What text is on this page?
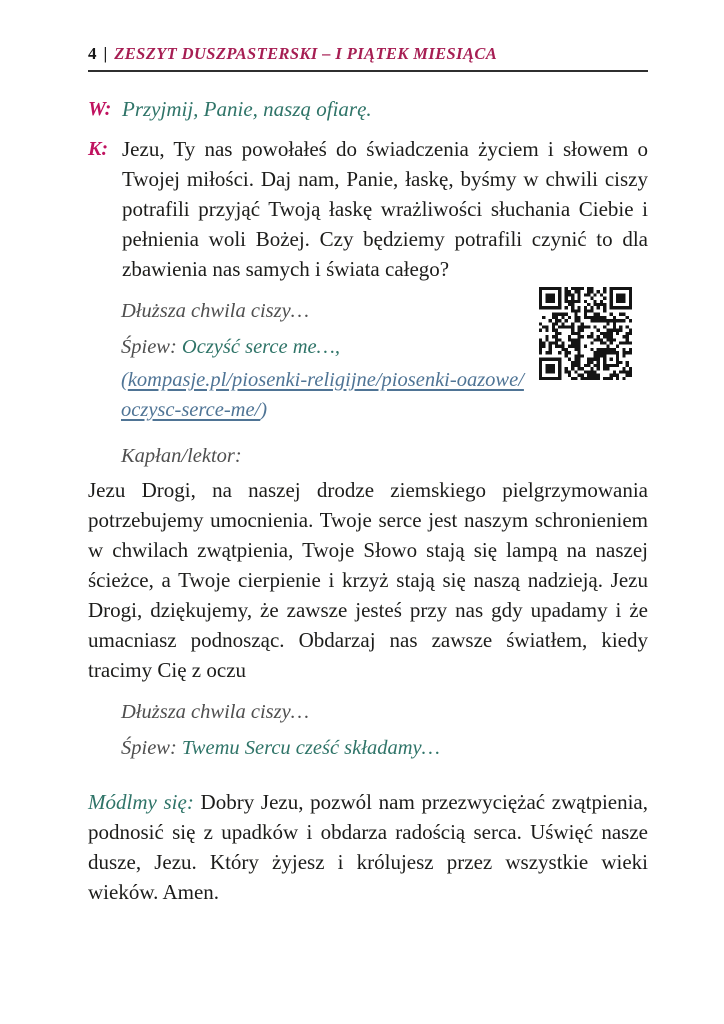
4 | ZESZYT DUSZPASTERSKI – I PIĄTEK MIESIĄCA
W: Przyjmij, Panie, naszą ofiarę.
K: Jezu, Ty nas powołałeś do świadczenia życiem i słowem o Twojej miłości. Daj nam, Panie, łaskę, byśmy w chwili ciszy potrafili przyjąć Twoją łaskę wrażliwości słuchania Ciebie i pełnienia woli Bożej. Czy będziemy potrafili czynić to dla zbawienia nas samych i świata całego?
Dłuższa chwila ciszy…
Śpiew: Oczyść serce me…,
(kompasje.pl/piosenki-religijne/piosenki-oazowe/oczysc-serce-me/)
Kapłan/lektor:
Jezu Drogi, na naszej drodze ziemskiego pielgrzymowania potrzebujemy umocnienia. Twoje serce jest naszym schronieniem w chwilach zwątpienia, Twoje Słowo stają się lampą na naszej ścieżce, a Twoje cierpienie i krzyż stają się naszą nadzieją. Jezu Drogi, dziękujemy, że zawsze jesteś przy nas gdy upadamy i że umacniasz podnosząc. Obdarzaj nas zawsze światłem, kiedy tracimy Cię z oczu
Dłuższa chwila ciszy…
Śpiew: Twemu Sercu cześć składamy…
Módlmy się: Dobry Jezu, pozwól nam przezwyciężać zwątpienia, podnosić się z upadków i obdarza radością serca. Uświęć nasze dusze, Jezu. Który żyjesz i królujesz przez wszystkie wieki wieków. Amen.
